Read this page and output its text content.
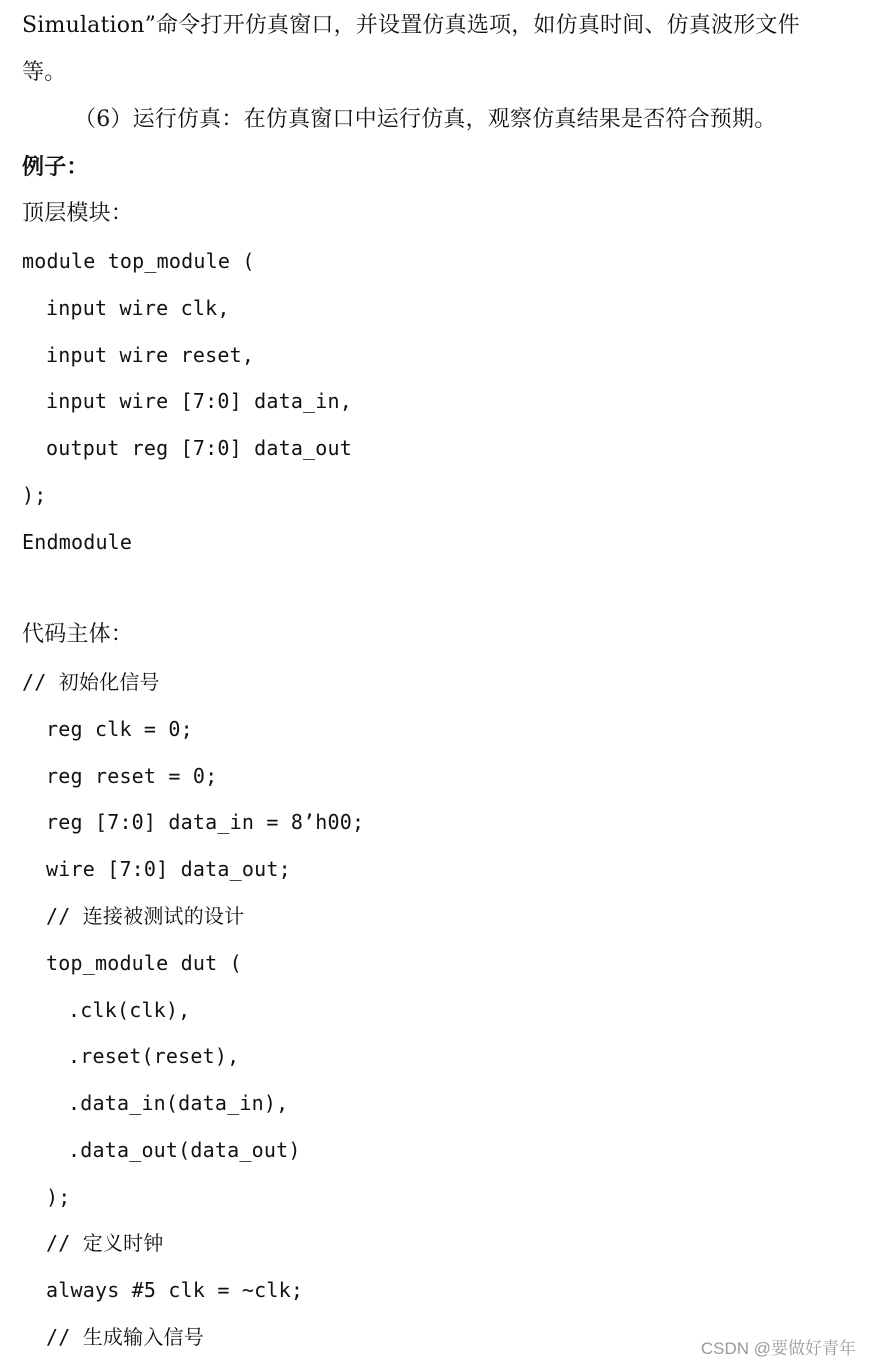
Simulation”命令打开仿真窗口，并设置仿真选项，如仿真时间、仿真波形文件
等。
（6）运行仿真：在仿真窗口中运行仿真，观察仿真结果是否符合预期。
例子：
顶层模块：
module top_module (
input wire clk,
input wire reset,
input wire [7:0] data_in,
output reg [7:0] data_out
);
Endmodule
代码主体：
// 初始化信号
reg clk = 0;
reg reset = 0;
reg [7:0] data_in = 8’h00;
wire [7:0] data_out;
// 连接被测试的设计
top_module dut (
.clk(clk),
.reset(reset),
.data_in(data_in),
.data_out(data_out)
);
// 定义时钟
always #5 clk = ~clk;
// 生成输入信号	CSDN @要做好青年
